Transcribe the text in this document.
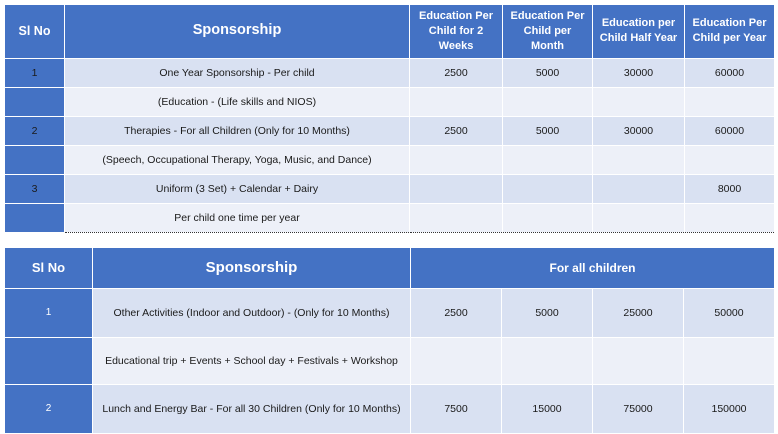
Sl No	Sponsorship	Education Per Child for 2 Weeks	Education Per Child per Month	Education per Child Half Year	Education Per Child per Year
1	One Year Sponsorship - Per child	2500	5000	30000	60000
	(Education - (Life skills and NIOS)				
2	Therapies - For all Children (Only for 10 Months)	2500	5000	30000	60000
	(Speech, Occupational Therapy, Yoga, Music, and Dance)				
3	Uniform (3 Set) + Calendar + Dairy				8000
	Per child one time per year				
Sl No	Sponsorship	For all children			
1	Other Activities (Indoor and Outdoor) - (Only for 10 Months)	2500	5000	25000	50000
	Educational trip + Events + School day + Festivals + Workshop				
2	Lunch and Energy Bar - For all 30 Children (Only for 10 Months)	7500	15000	75000	150000
